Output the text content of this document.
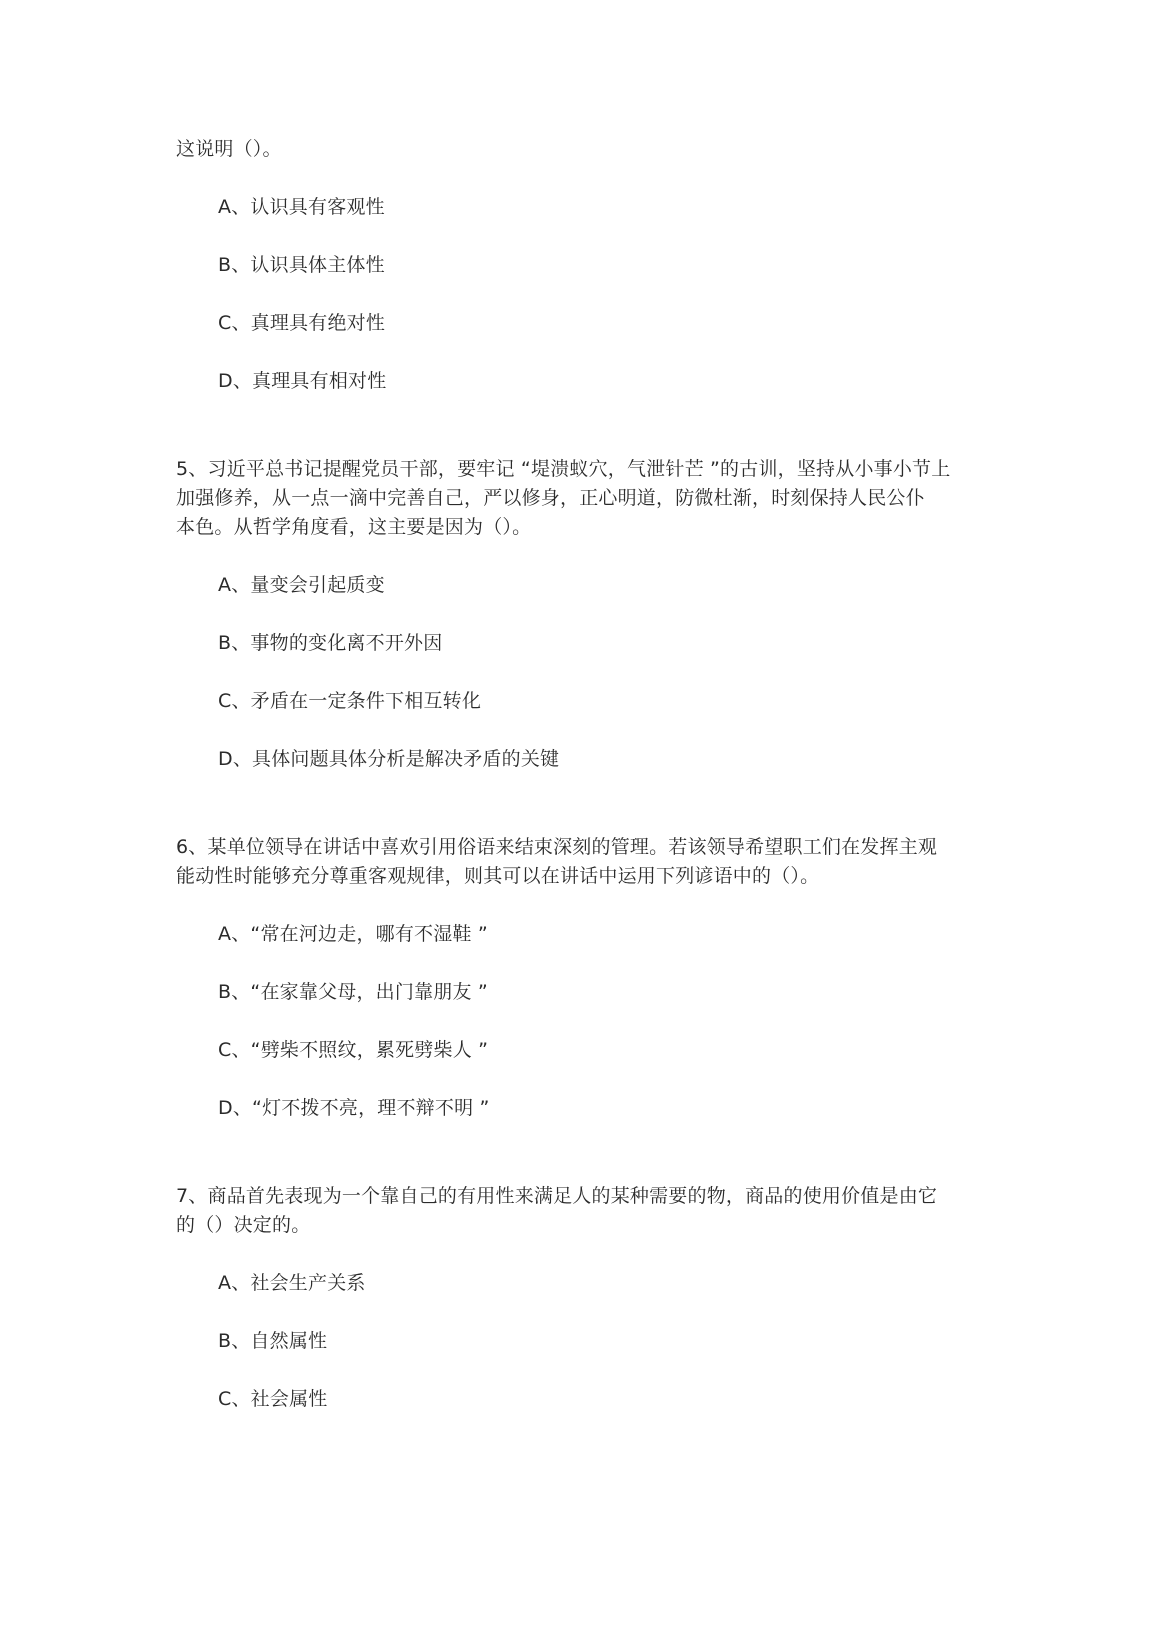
这说明（）。
A、认识具有客观性
B、认识具体主体性
C、真理具有绝对性
D、真理具有相对性
5、习近平总书记提醒党员干部，要牢记 “堤溃蚁穴，气泄针芒 ”的古训，坚持从小事小节上
加强修养，从一点一滴中完善自己，严以修身，正心明道，防微杜渐，时刻保持人民公仆
本色。从哲学角度看，这主要是因为（）。
A、量变会引起质变
B、事物的变化离不开外因
C、矛盾在一定条件下相互转化
D、具体问题具体分析是解决矛盾的关键
6、某单位领导在讲话中喜欢引用俗语来结束深刻的管理。若该领导希望职工们在发挥主观
能动性时能够充分尊重客观规律，则其可以在讲话中运用下列谚语中的（）。
A、“常在河边走，哪有不湿鞋 ”
B、“在家靠父母，出门靠朋友 ”
C、“劈柴不照纹，累死劈柴人 ”
D、“灯不拨不亮，理不辩不明 ”
7、商品首先表现为一个靠自己的有用性来满足人的某种需要的物，商品的使用价值是由它
的（）决定的。
A、社会生产关系
B、自然属性
C、社会属性
